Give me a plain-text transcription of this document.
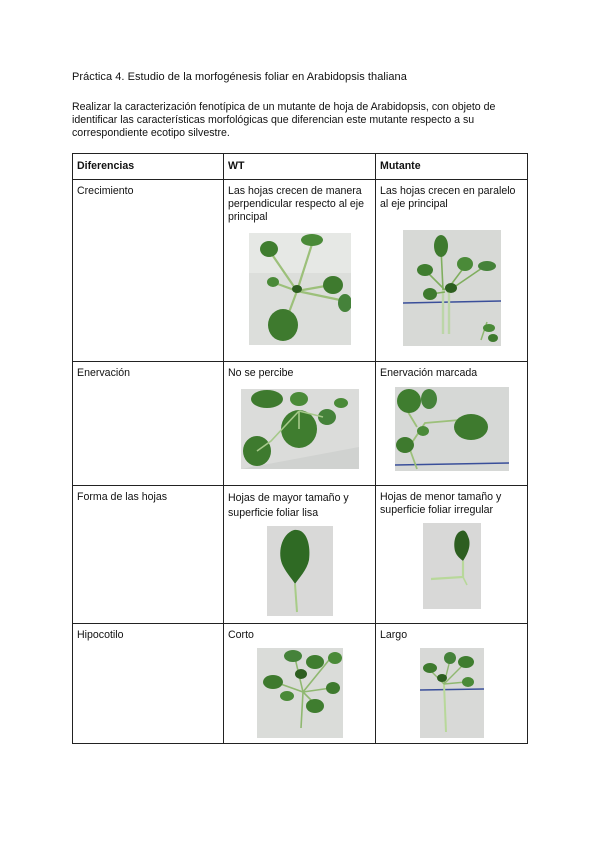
Práctica 4. Estudio de la morfogénesis foliar en Arabidopsis thaliana
Realizar la caracterización fenotípica de un mutante de hoja de Arabidopsis, con objeto de identificar las características morfológicas que diferencian este mutante respecto a su correspondiente ecotipo silvestre.
Diferencias	WT	Mutante
Crecimiento	Las hojas crecen de manera perpendicular respecto al eje principal	Las hojas crecen en paralelo al eje principal

Enervación	No se percibe	Enervación marcada

Forma de las hojas	Hojas de mayor tamaño y superficie foliar lisa	Hojas de menor tamaño y superficie foliar irregular

Hipocotilo	Corto	Largo
